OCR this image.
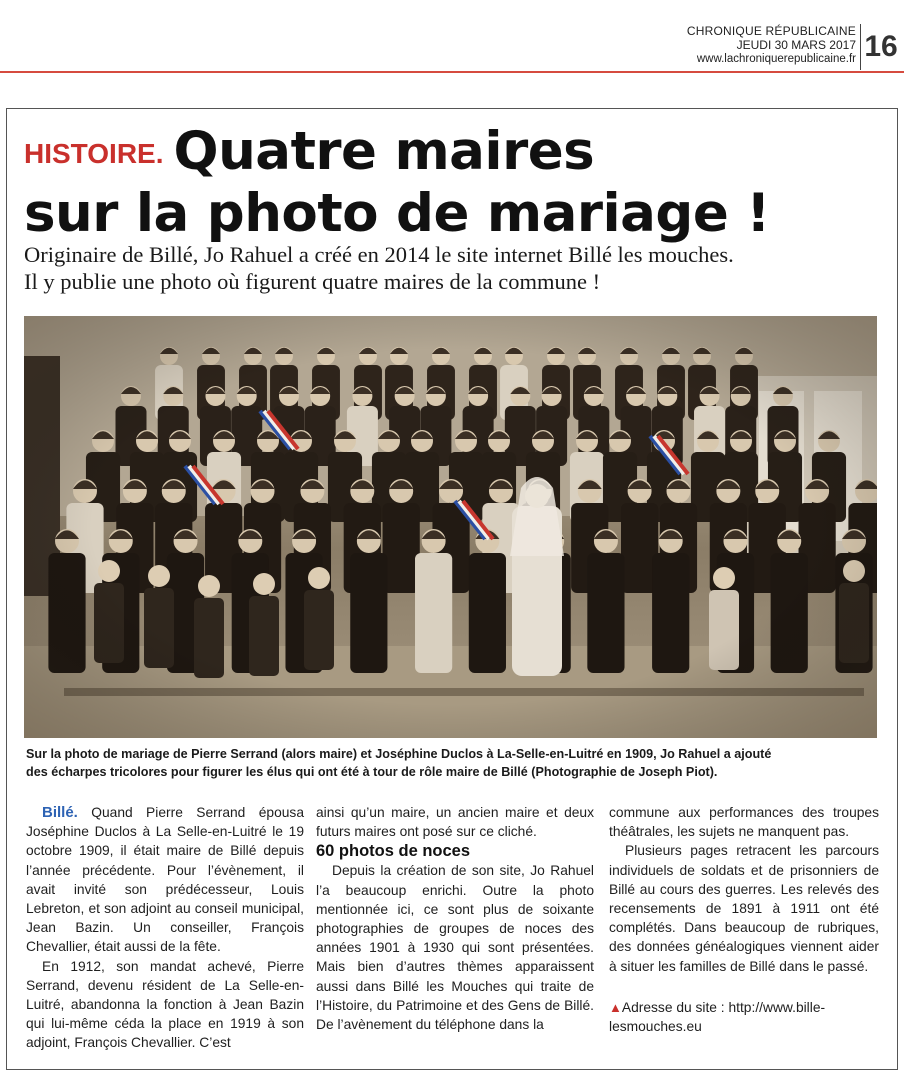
CHRONIQUE RÉPUBLICAINE
JEUDI 30 MARS 2017
www.lachroniquerepublicaine.fr 16
HISTOIRE. Quatre maires
sur la photo de mariage !

Originaire de Billé, Jo Rahuel a créé en 2014 le site internet Billé les mouches.
Il y publie une photo où figurent quatre maires de la commune !

Sur la photo de mariage de Pierre Serrand (alors maire) et Joséphine Duclos à La-Selle-en-Luitré en 1909, Jo Rahuel a ajouté
des écharpes tricolores pour figurer les élus qui ont été à tour de rôle maire de Billé (Photographie de Joseph Piot).

Billé. Quand Pierre Serrand épousa Joséphine Duclos à La Selle-en-Luitré le 19 octobre 1909, il était maire de Billé depuis l’année précédente. Pour l’évènement, il avait invité son prédécesseur, Louis Lebreton, et son adjoint au conseil municipal, Jean Bazin. Un conseiller, François Chevallier, était aussi de la fête.

En 1912, son mandat achevé, Pierre Serrand, devenu résident de La Selle-en-Luitré, abandonna la fonction à Jean Bazin qui lui-même céda la place en 1919 à son adjoint, François Chevallier. C’est

ainsi qu’un maire, un ancien maire et deux futurs maires ont posé sur ce cliché.

60 photos de noces

Depuis la création de son site, Jo Rahuel l’a beaucoup enrichi. Outre la photo mentionnée ici, ce sont plus de soixante photographies de groupes de noces des années 1901 à 1930 qui sont présentées. Mais bien d’autres thèmes apparaissent aussi dans Billé les Mouches qui traite de l’Histoire, du Patrimoine et des Gens de Billé. De l’avènement du téléphone dans la

commune aux performances des troupes théâtrales, les sujets ne manquent pas.

Plusieurs pages retracent les parcours individuels de soldats et de prisonniers de Billé au cours des guerres. Les relevés des recensements de 1891 à 1911 ont été complétés. Dans beaucoup de rubriques, des données généalogiques viennent aider à situer les familles de Billé dans le passé.

▲Adresse du site : http://www.bille-lesmouches.eu
